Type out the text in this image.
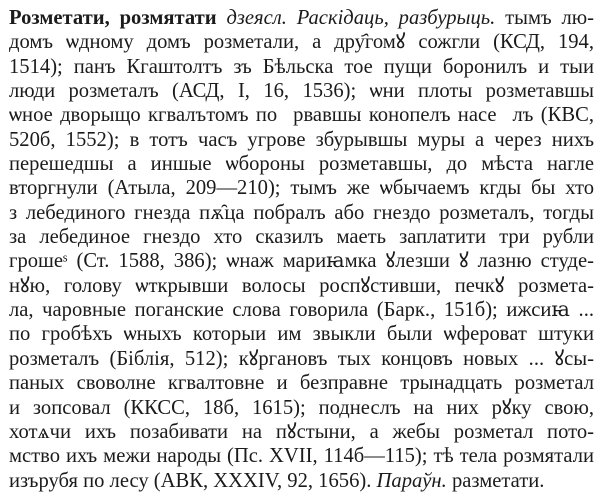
Розметати, розмятати дзеясл. Раскідаць, разбурыць. тымъ лю-
домъ ѡдному домъ розметали, а дру҄гомꙋ сожгли (КСД, 194,
1514); панъ Кгаштолтъ зъ Бѣльска тое пущи боронилъ и тыи
люди розметалъ (АСД, I, 16, 1536); ѡни плоты розметавшы
ѡное дворыщо кгвалътомъ поⷮрвавшы конопелъ насеⷮлъ (КВС,
520б, 1552); в тотъ часъ угрове збурывшы муры а через нихъ
перешедшы а иншые ѡбороны розметавшы, до мѣста нагле
вторгнули (Атыла, 209—210); тымъ же ѡбычаемъ кгды бы хто
з лебединого гнезда пѫ̑ца побралъ або гнездо розметалъ, тогды
за лебединое гнездо хто сказилъ маеть заплатити три рубли
грошеˢ (Ст. 1588, 386); ѡнаж мариꙗмка ꙋлезши ꙋ лазню студе-
нꙋю, голову ѡткрывши волосы роспꙋстивши, печкꙋ розмета-
ла, чаровные поганские слова говорила (Барк., 151б); ижсиꙗ ...
по гробѣхъ ѡныхъ которыи им звыкли были ѡфероват штуки
розметалъ (Біблія, 512); кꙋргановъ тых концовъ новых ... ꙋсы-
паных своволне кгвалтовне и безправне трынадцать розметал
и зопсовал (ККСС, 18б, 1615); поднеслъ на них рꙋку свою,
хотѧчи ихъ позабивати на пꙋстыни, а жебы розметал пото-
мство ихъ межи народы (Пс. XVII, 114б—115); тѣ тела розмятали
изърубя по лесу (АВК, XXXIV, 92, 1656). Параўн. разметати.
